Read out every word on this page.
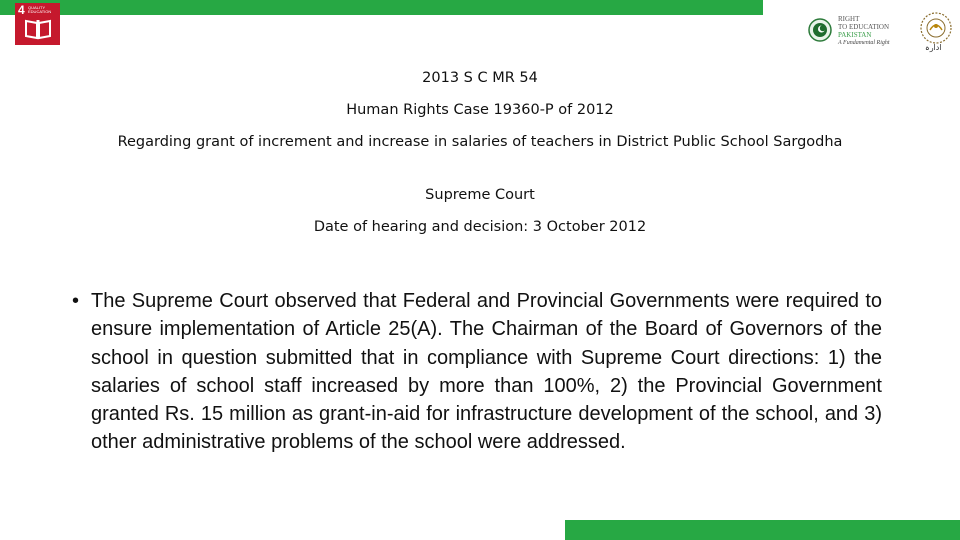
4 QUALITY EDUCATION
RIGHT
TO EDUCATION
PAKISTAN
A Fundamental Right	ادارہ
2013 S C MR 54
Human Rights Case 19360-P of 2012
Regarding grant of increment and increase in salaries of teachers in District Public School Sargodha
Supreme Court
Date of hearing and decision: 3 October 2012
• The Supreme Court observed that Federal and Provincial Governments were required to ensure implementation of Article 25(A). The Chairman of the Board of Governors of the school in question submitted that in compliance with Supreme Court directions: 1) the salaries of school staff increased by more than 100%, 2) the Provincial Government granted Rs. 15 million as grant-in-aid for infrastructure development of the school, and 3) other administrative problems of the school were addressed.
